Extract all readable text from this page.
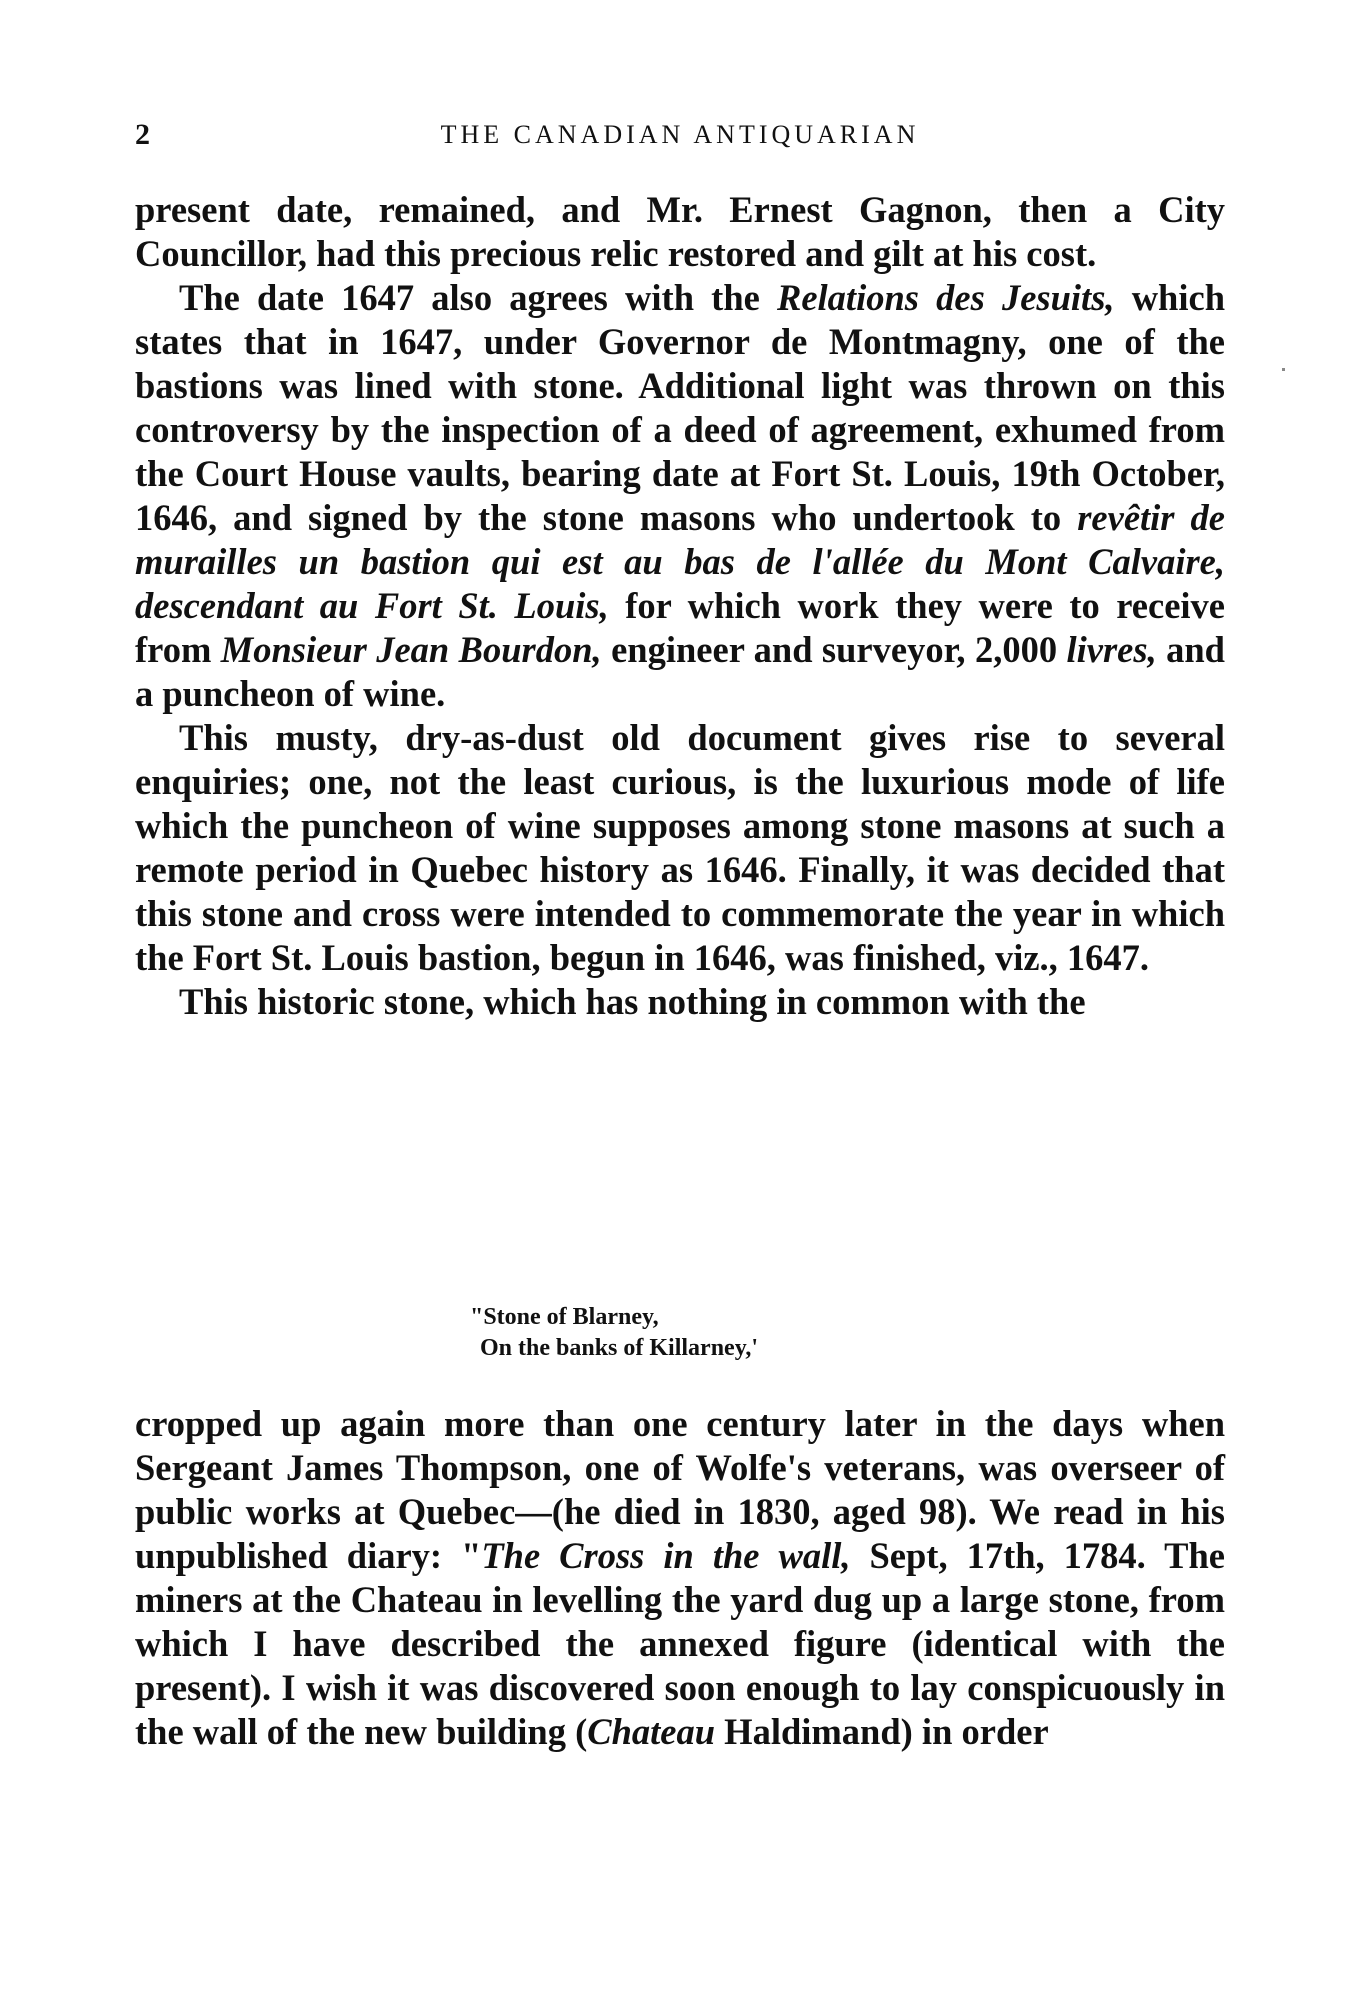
2	THE CANADIAN ANTIQUARIAN

present date, remained, and Mr. Ernest Gagnon, then a City Councillor, had this precious relic restored and gilt at his cost.

The date 1647 also agrees with the Relations des Jesuits, which states that in 1647, under Governor de Montmagny, one of the bastions was lined with stone. Additional light was thrown on this controversy by the inspection of a deed of agreement, exhumed from the Court House vaults, bearing date at Fort St. Louis, 19th October, 1646, and signed by the stone masons who undertook to revêtir de murailles un bastion qui est au bas de l'allée du Mont Calvaire, descendant au Fort St. Louis, for which work they were to receive from Monsieur Jean Bourdon, engineer and surveyor, 2,000 livres, and a puncheon of wine.

This musty, dry-as-dust old document gives rise to several enquiries; one, not the least curious, is the luxurious mode of life which the puncheon of wine supposes among stone masons at such a remote period in Quebec history as 1646. Finally, it was decided that this stone and cross were intended to commemorate the year in which the Fort St. Louis bastion, begun in 1646, was finished, viz., 1647.

This historic stone, which has nothing in common with the

"Stone of Blarney,
On the banks of Killarney,'

cropped up again more than one century later in the days when Sergeant James Thompson, one of Wolfe's veterans, was overseer of public works at Quebec—(he died in 1830, aged 98). We read in his unpublished diary: "The Cross in the wall, Sept, 17th, 1784. The miners at the Chateau in levelling the yard dug up a large stone, from which I have described the annexed figure (identical with the present). I wish it was discovered soon enough to lay conspicuously in the wall of the new building (Chateau Haldimand) in order
